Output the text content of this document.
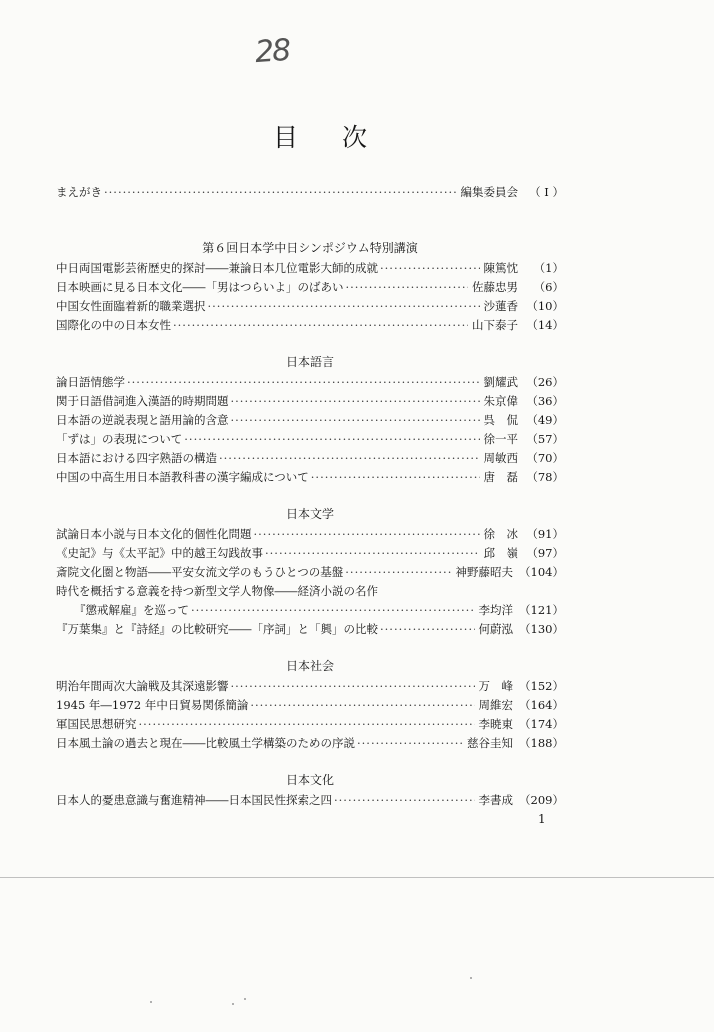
28
目 次
まえがき ·····	編集委員会 （ I ）
第６回日本学中日シンポジウム特別講演
中日両国電影芸術歴史的探討――兼論日本几位電影大師的成就 ·····	陳篤忱	（1）
日本映画に見る日本文化――「男はつらいよ」のばあい ·····	佐藤忠男	（6）
中国女性面臨着新的職業選択 ·····	沙蓮香 （10）
国際化の中の日本女性 ·····	山下泰子 （14）
日本語言
論日語情態学 ·····	劉耀武 （26）
関于日語借詞進入漢語的時期問題 ·····	朱京偉 （36）
日本語の逆説表現と語用論的含意 ·····	呉　侃 （49）
「ずは」の表現について ·····	徐一平 （57）
日本語における四字熟語の構造 ·····	周敏西 （70）
中国の中高生用日本語教科書の漢字編成について ·····	唐　磊 （78）
日本文学
試論日本小説与日本文化的個性化問題 ·····	徐　冰 （91）
《史記》与《太平記》中的越王勾践故事 ·····	邱　嶺 （97）
斎院文化圏と物語――平安女流文学のもうひとつの基盤 ·····	神野藤昭夫 （104）
時代を概括する意義を持つ新型文学人物像――経済小説の名作
『懲戒解雇』を巡って ·····	李均洋 （121）
『万葉集』と『詩経』の比較研究――「序詞」と「興」の比較 ·····	何蔚泓 （130）
日本社会
明治年間両次大論戦及其深遠影響 ·····	万　峰 （152）
1945 年―1972 年中日貿易関係簡論 ·····	周維宏 （164）
軍国民思想研究 ·····	李暁東 （174）
日本風土論の過去と現在――比較風土学構築のための序説 ·····	慈谷圭知 （188）
日本文化
日本人的憂患意識与奮進精神――日本国民性探索之四 ·····	李書成 （209）
1
